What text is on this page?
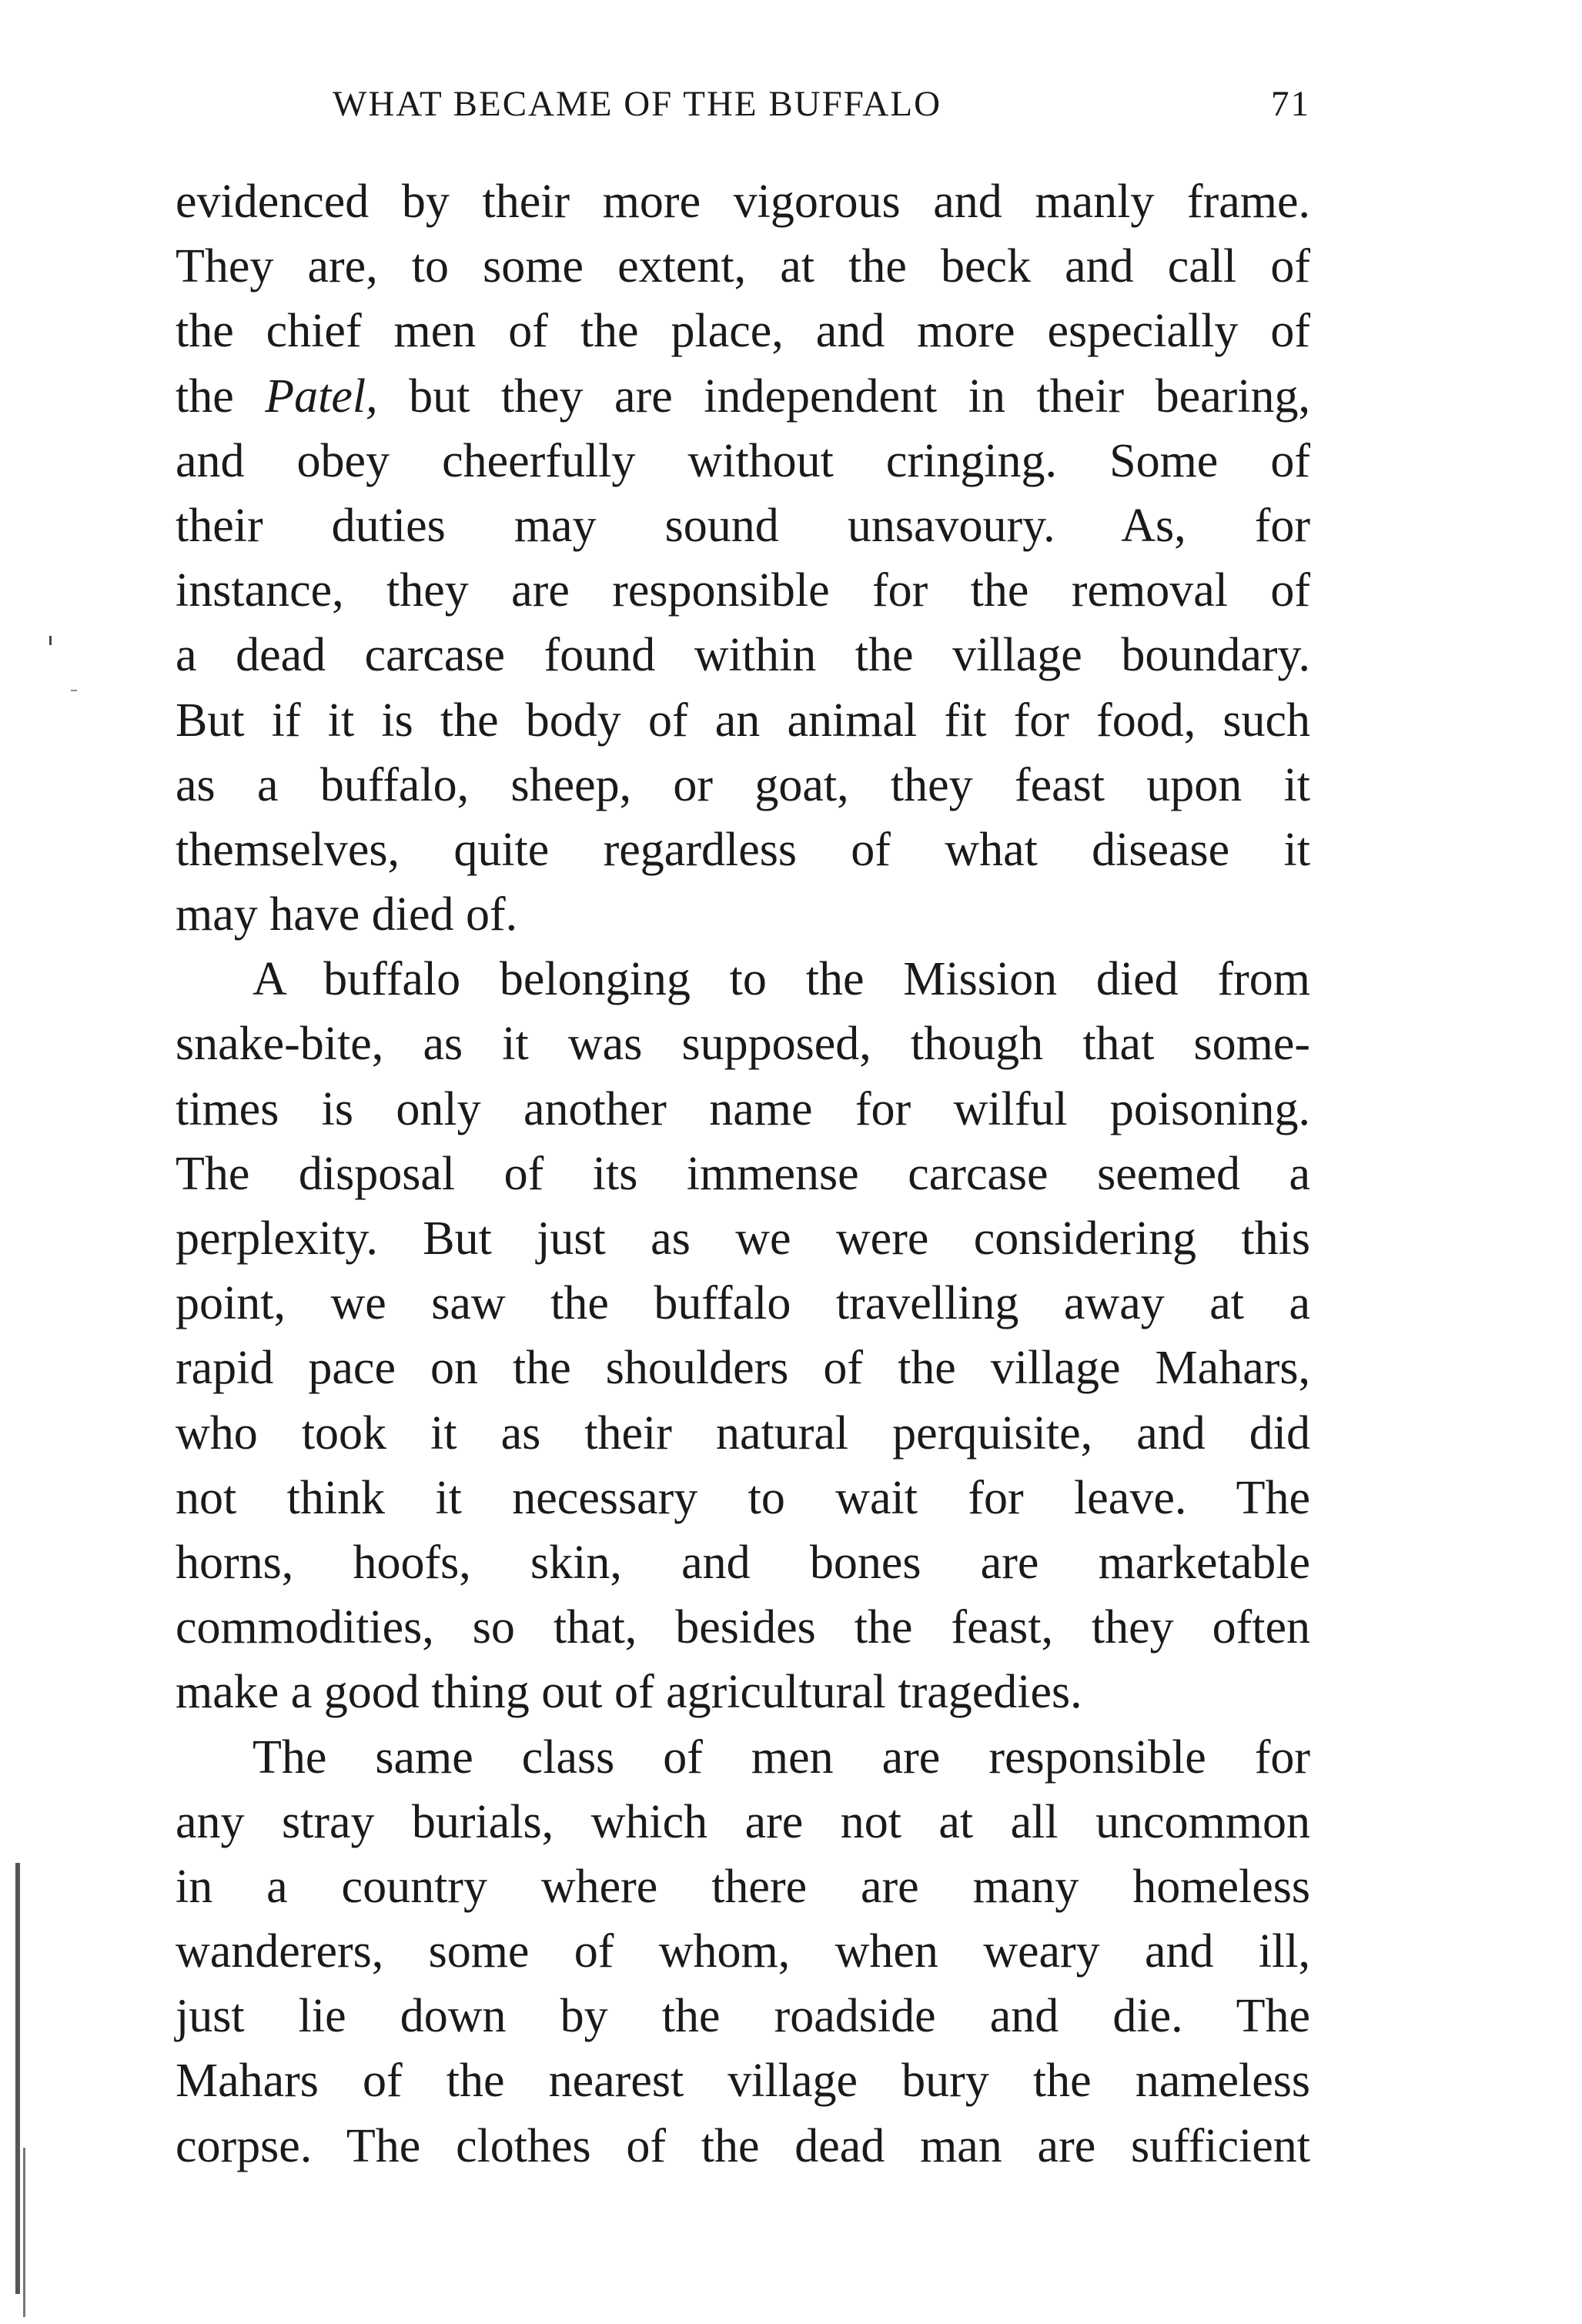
WHAT BECAME OF THE BUFFALO	71
evidenced by their more vigorous and manly frame.
They are, to some extent, at the beck and call of
the chief men of the place, and more especially of
the Patel, but they are independent in their bearing,
and obey cheerfully without cringing. Some of
their duties may sound unsavoury. As, for
instance, they are responsible for the removal of
a dead carcase found within the village boundary.
But if it is the body of an animal fit for food, such
as a buffalo, sheep, or goat, they feast upon it
themselves, quite regardless of what disease it
may have died of.
A buffalo belonging to the Mission died from
snake-bite, as it was supposed, though that some-
times is only another name for wilful poisoning.
The disposal of its immense carcase seemed a
perplexity. But just as we were considering this
point, we saw the buffalo travelling away at a
rapid pace on the shoulders of the village Mahars,
who took it as their natural perquisite, and did
not think it necessary to wait for leave. The
horns, hoofs, skin, and bones are marketable
commodities, so that, besides the feast, they often
make a good thing out of agricultural tragedies.
The same class of men are responsible for
any stray burials, which are not at all uncommon
in a country where there are many homeless
wanderers, some of whom, when weary and ill,
just lie down by the roadside and die. The
Mahars of the nearest village bury the nameless
corpse. The clothes of the dead man are sufficient
